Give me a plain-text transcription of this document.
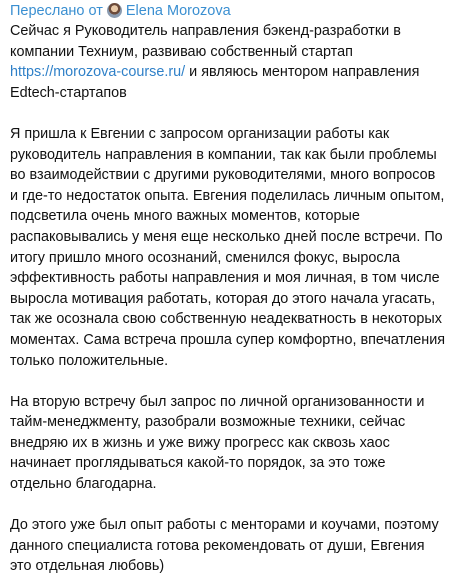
Переслано от Elena Morozova

Сейчас я Руководитель направления бэкенд-разработки в
компании Техниум, развиваю собственный стартап
https://morozova-course.ru/ и являюсь ментором направления
Edtech-стартапов

Я пришла к Евгении с запросом организации работы как
руководитель направления в компании, так как были проблемы
во взаимодействии с другими руководителями, много вопросов
и где-то недостаток опыта. Евгения поделилась личным опытом,
подсветила очень много важных моментов, которые
распаковывались у меня еще несколько дней после встречи. По
итогу пришло много осознаний, сменился фокус, выросла
эффективность работы направления и моя личная, в том числе
выросла мотивация работать, которая до этого начала угасать,
так же осознала свою собственную неадекватность в некоторых
моментах. Сама встреча прошла супер комфортно, впечатления
только положительные.

На вторую встречу был запрос по личной организованности и
тайм-менеджменту, разобрали возможные техники, сейчас
внедряю их в жизнь и уже вижу прогресс как сквозь хаос
начинает проглядываться какой-то порядок, за это тоже
отдельно благодарна.

До этого уже был опыт работы с менторами и коучами, поэтому
данного специалиста готова рекомендовать от души, Евгения
это отдельная любовь)
